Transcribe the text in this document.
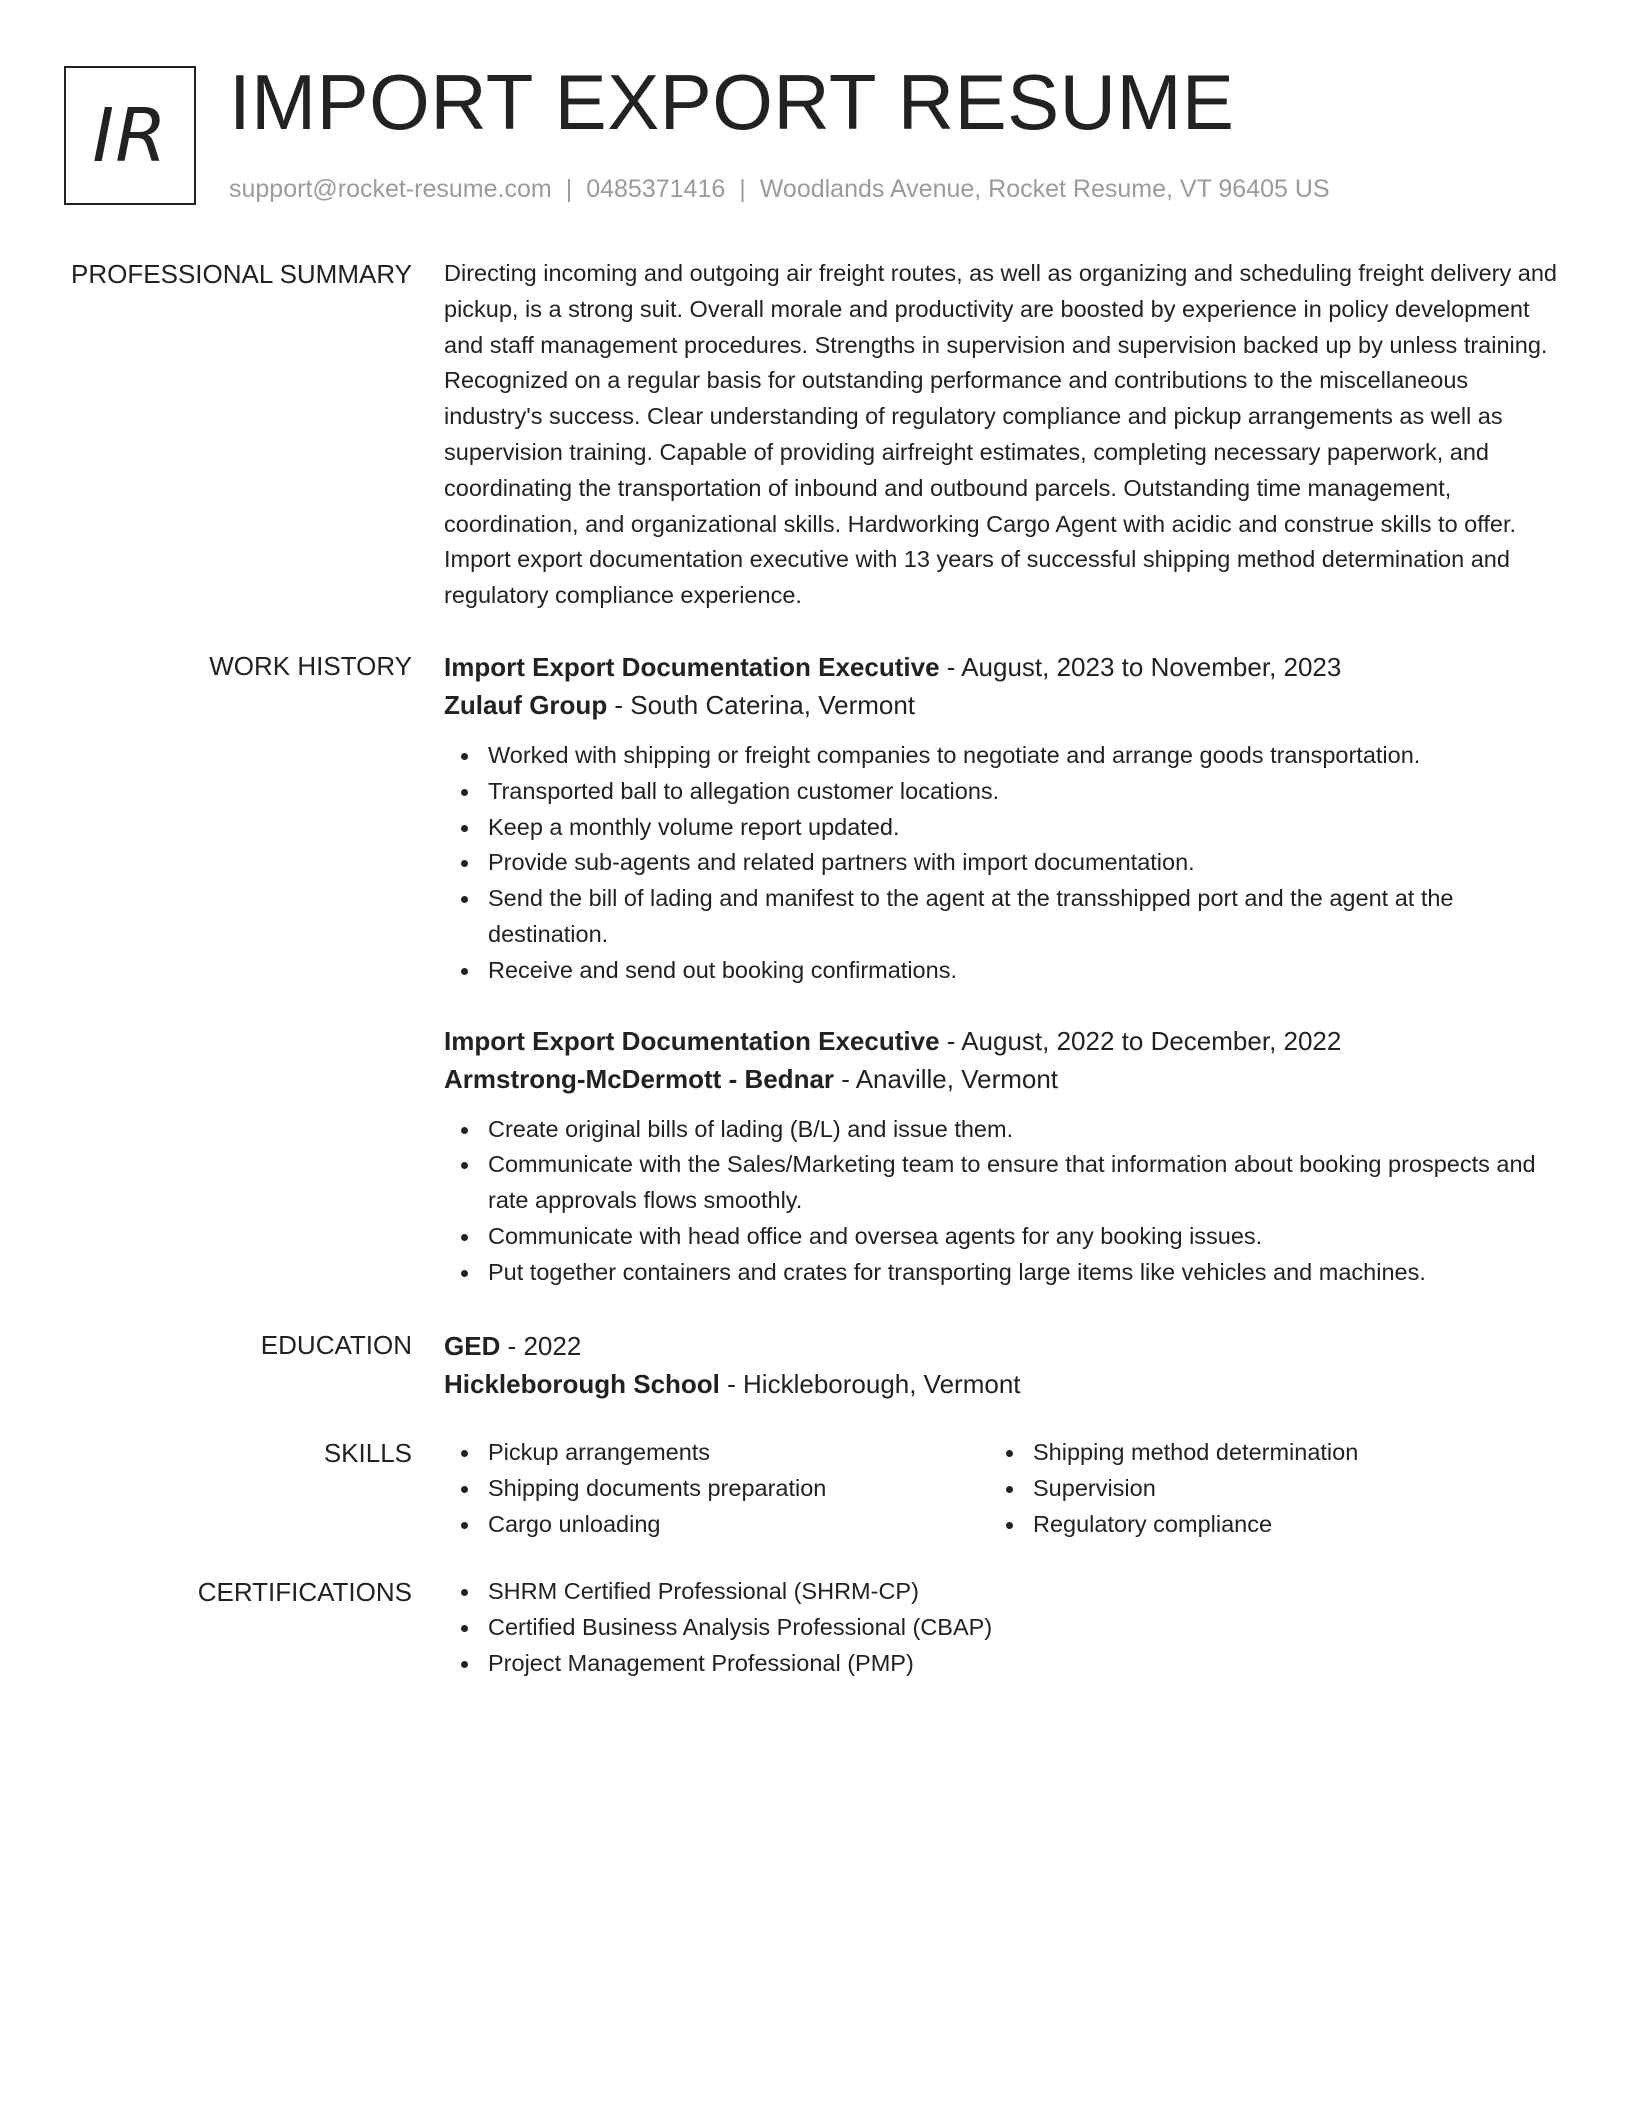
IR IMPORT EXPORT RESUME
support@rocket-resume.com | 0485371416 | Woodlands Avenue, Rocket Resume, VT 96405 US
PROFESSIONAL SUMMARY Directing incoming and outgoing air freight routes, as well as organizing and scheduling freight delivery and pickup, is a strong suit. Overall morale and productivity are boosted by experience in policy development and staff management procedures. Strengths in supervision and supervision backed up by unless training. Recognized on a regular basis for outstanding performance and contributions to the miscellaneous industry's success. Clear understanding of regulatory compliance and pickup arrangements as well as supervision training. Capable of providing airfreight estimates, completing necessary paperwork, and coordinating the transportation of inbound and outbound parcels. Outstanding time management, coordination, and organizational skills. Hardworking Cargo Agent with acidic and construe skills to offer. Import export documentation executive with 13 years of successful shipping method determination and regulatory compliance experience.

WORK HISTORY Import Export Documentation Executive - August, 2023 to November, 2023
Zulauf Group - South Caterina, Vermont
Worked with shipping or freight companies to negotiate and arrange goods transportation.
Transported ball to allegation customer locations.
Keep a monthly volume report updated.
Provide sub-agents and related partners with import documentation.
Send the bill of lading and manifest to the agent at the transshipped port and the agent at the destination.
Receive and send out booking confirmations.
Import Export Documentation Executive - August, 2022 to December, 2022
Armstrong-McDermott - Bednar - Anaville, Vermont
Create original bills of lading (B/L) and issue them.
Communicate with the Sales/Marketing team to ensure that information about booking prospects and rate approvals flows smoothly.
Communicate with head office and oversea agents for any booking issues.
Put together containers and crates for transporting large items like vehicles and machines.
EDUCATION GED - 2022
Hickleborough School - Hickleborough, Vermont
SKILLS	Pickup arrangements
Shipping documents preparation
Cargo unloading
Shipping method determination
Supervision
Regulatory compliance
CERTIFICATIONS	SHRM Certified Professional (SHRM-CP)
Certified Business Analysis Professional (CBAP)
Project Management Professional (PMP)
